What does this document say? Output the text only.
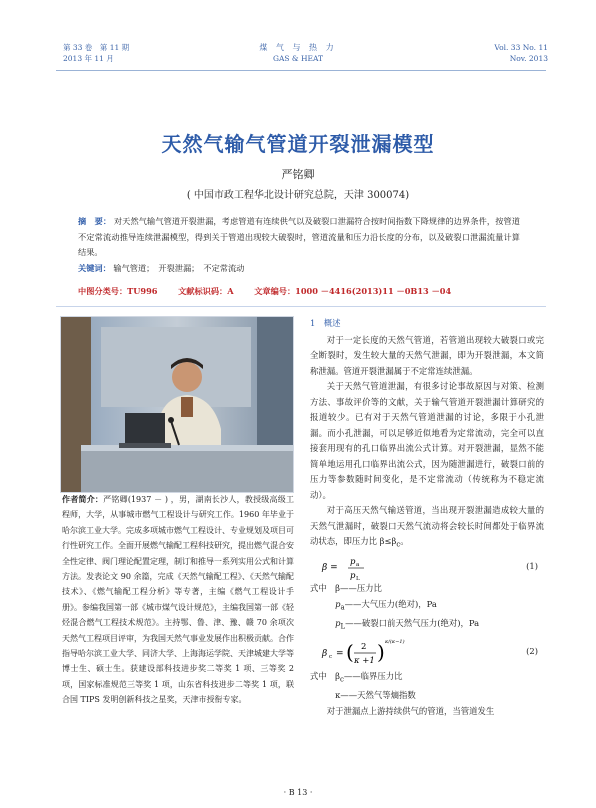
第 33 卷　第 11 期
2013 年 11 月
煤 气 与 热 力
GAS & HEAT
Vol. 33 No. 11
Nov. 2013
天然气输气管道开裂泄漏模型
严铭卿
( 中国市政工程华北设计研究总院，天津 300074)
摘　要： 对天然气输气管道开裂泄漏，考虑管道有连续供气以及破裂口泄漏符合按时间指数下降规律的边界条件，按管道不定常流动推导连续泄漏模型，得到关于管道出现较大破裂时，管道流量和压力沿长度的分布，以及破裂口泄漏流量计算结果。
关键词： 输气管道；　开裂泄漏；　不定常流动
中图分类号：TU996	文献标识码：A	文章编号：1000 －4416(2013)11 －0B13 －04
作者简介：严铭卿(1937 － ) ，男，湖南长沙人，教授级高级工程师，大学，从事城市燃气工程设计与研究工作。1960 年毕业于哈尔滨工业大学。完成多项城市燃气工程设计、专业规划及项目可行性研究工作。全面开展燃气输配工程科技研究，提出燃气混合安全性定律、阀门理论配置定理，制订和推导一系列实用公式和计算方法。发表论文 90 余篇，完成《天然气输配工程》、《天然气输配技术》、《燃气输配工程分析》等专著，主编《燃气工程设计手册》。参编我国第一部《城市煤气设计规范》，主编我国第一部《轻烃混合燃气工程技术规范》。主持鄂、鲁、津、豫、赣 70 余项次天然气工程项目评审，为我国天然气事业发展作出积极贡献。合作指导哈尔滨工业大学、同济大学、上海海运学院、天津城建大学等博士生、硕士生。获建设部科技进步奖二等奖 1 项、三等奖 2 项，国家标准规范三等奖 1 项，山东省科技进步二等奖 1 项，联合国 TIPS 发明创新科技之星奖，天津市授衔专家。
1　概述

对于一定长度的天然气管道，若管道出现较大破裂口或完全断裂时，发生较大量的天然气泄漏，即为开裂泄漏，本文简称泄漏。管道开裂泄漏属于不定常连续泄漏。

关于天然气管道泄漏，有很多讨论事故原因与对策、检测方法、事故评价等的文献，关于输气管道开裂泄漏计算研究的报道较少。已有对于天然气管道泄漏的讨论，多限于小孔泄漏。而小孔泄漏，可以足够近似地看为定常流动，完全可以直接套用现有的孔口临界出流公式计算。对开裂泄漏，显然不能简单地运用孔口临界出流公式，因为随泄漏进行，破裂口前的压力等参数随时间变化，是不定常流动（传统称为不稳定流动）。

对于高压天然气输送管道，当出现开裂泄漏造成较大量的天然气泄漏时，破裂口天然气流动将会较长时间都处于临界流动状态，即压力比 $\beta\le\beta_c$。

β =
p a
p L
(1)
式中　 β——压力比
　　　$p_a——$大气压力(绝对)，Pa
　　　$p_L——$破裂口前天然气压力(绝对)，Pa
β c = ( 2
κ +1 ) κ/(κ−1)
(2)
式中　 $\beta_c——$临界压力比
　　　κ——天然气等熵指数

对于泄漏点上游持续供气的管道，当管道发生

· B 13 ·
